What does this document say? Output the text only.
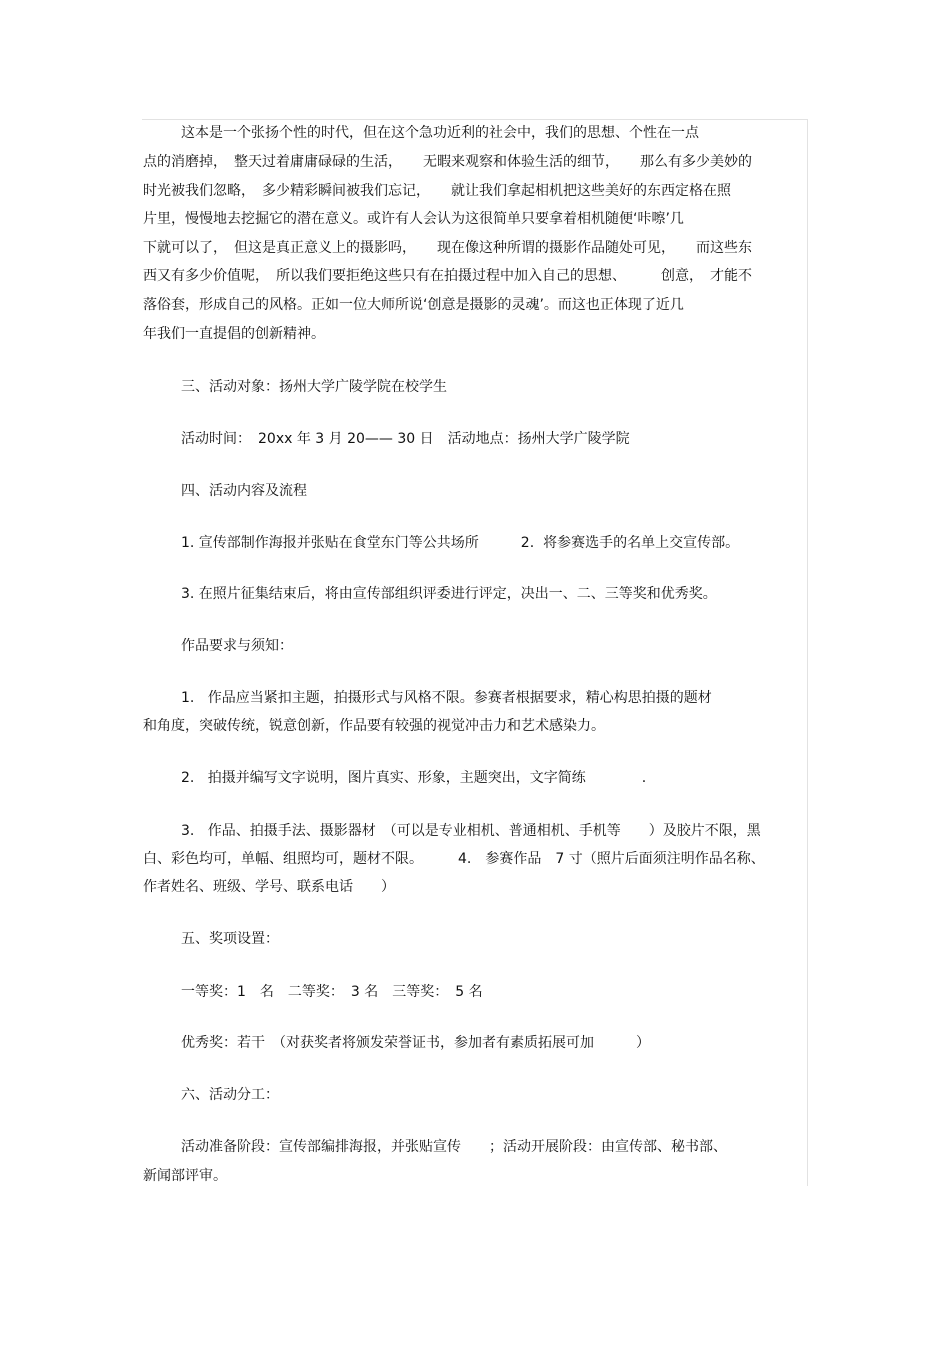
这本是一个张扬个性的时代，但在这个急功近利的社会中，我们的思想、个性在一点
点的消磨掉，　整天过着庸庸碌碌的生活，　　无暇来观察和体验生活的细节，　　那么有多少美妙的
时光被我们忽略，　多少精彩瞬间被我们忘记，　　就让我们拿起相机把这些美好的东西定格在照
片里，慢慢地去挖掘它的潜在意义。或许有人会认为这很简单只要拿着相机随便‘咔嚓’几
下就可以了，　但这是真正意义上的摄影吗，　　现在像这种所谓的摄影作品随处可见，　　而这些东
西又有多少价值呢，　所以我们要拒绝这些只有在拍摄过程中加入自己的思想、　　　创意，　才能不
落俗套，形成自己的风格。正如一位大师所说‘创意是摄影的灵魂’。而这也正体现了近几
年我们一直提倡的创新精神。
三、活动对象：扬州大学广陵学院在校学生
活动时间：　20xx 年 3 月 20—— 30 日　活动地点：扬州大学广陵学院
四、活动内容及流程
1. 宣传部制作海报并张贴在食堂东门等公共场所　　　2.  将参赛选手的名单上交宣传部。
3. 在照片征集结束后，将由宣传部组织评委进行评定，决出一、二、三等奖和优秀奖。
作品要求与须知：
1.   作品应当紧扣主题，拍摄形式与风格不限。参赛者根据要求，精心构思拍摄的题材
和角度，突破传统，锐意创新，作品要有较强的视觉冲击力和艺术感染力。
2.   拍摄并编写文字说明，图片真实、形象，主题突出，文字简练　　　　.
3.   作品、拍摄手法、摄影器材　（可以是专业相机、普通相机、手机等　　）及胶片不限，黑
白、彩色均可，单幅、组照均可，题材不限。　　　4.　参赛作品　7 寸（照片后面须注明作品名称、
作者姓名、班级、学号、联系电话　　）
五、奖项设置：
一等奖：1　名　二等奖：　3 名　三等奖：　5 名
优秀奖：若干　（对获奖者将颁发荣誉证书，参加者有素质拓展可加　　　）
六、活动分工：
活动准备阶段：宣传部编排海报，并张贴宣传　　；活动开展阶段：由宣传部、秘书部、
新闻部评审。
